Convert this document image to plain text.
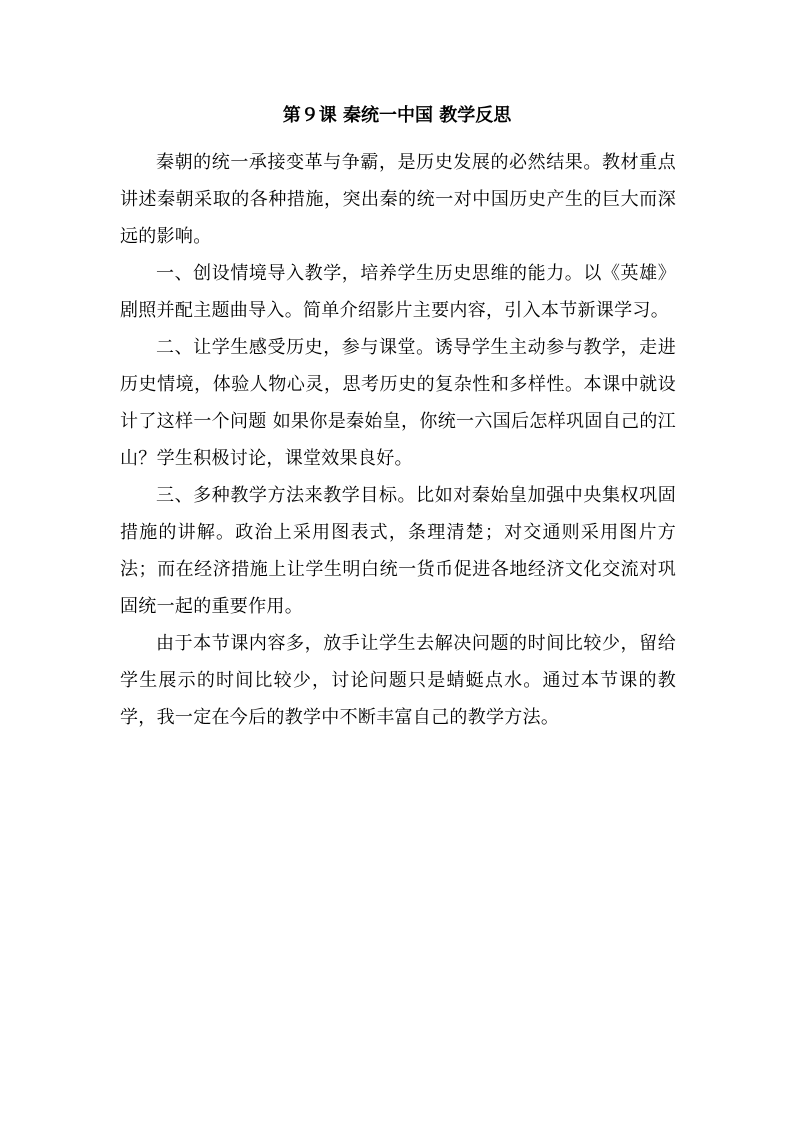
第９课 秦统一中国 教学反思

秦朝的统一承接变革与争霸，是历史发展的必然结果。教材重点讲述秦朝采取的各种措施，突出秦的统一对中国历史产生的巨大而深远的影响。

一、创设情境导入教学，培养学生历史思维的能力。以《英雄》剧照并配主题曲导入。简单介绍影片主要内容，引入本节新课学习。

二、让学生感受历史，参与课堂。诱导学生主动参与教学，走进历史情境，体验人物心灵，思考历史的复杂性和多样性。本课中就设计了这样一个问题 如果你是秦始皇，你统一六国后怎样巩固自己的江山？学生积极讨论，课堂效果良好。

三、多种教学方法来教学目标。比如对秦始皇加强中央集权巩固措施的讲解。政治上采用图表式，条理清楚；对交通则采用图片方法；而在经济措施上让学生明白统一货币促进各地经济文化交流对巩固统一起的重要作用。

由于本节课内容多，放手让学生去解决问题的时间比较少，留给学生展示的时间比较少，讨论问题只是蜻蜓点水。通过本节课的教学，我一定在今后的教学中不断丰富自己的教学方法。
